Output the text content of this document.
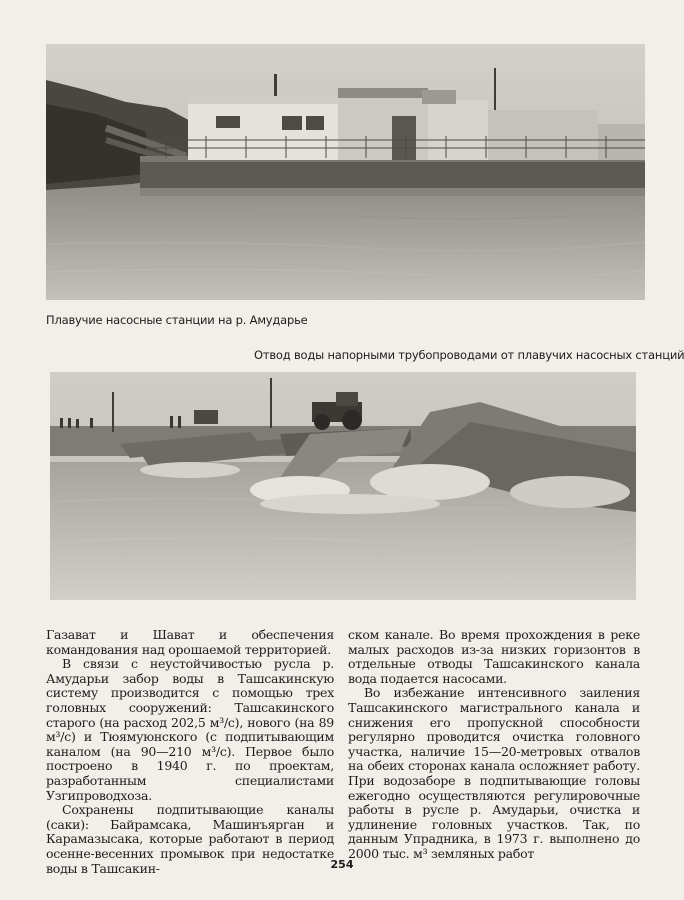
Плавучие насосные станции на р. Амударье
Отвод воды напорными трубопроводами от плавучих насосных станций

Газават и Шават и обеспечения командования над орошаемой территорией.

В связи с неустойчивостью русла р. Амударьи забор воды в Ташсакинскую систему производится с помощью трех головных сооружений: Ташсакинского старого (на расход 202,5 м³/с), нового (на 89 м³/с) и Тюямуюнского (с подпитывающим каналом (на 90—210 м³/с). Первое было построено в 1940 г. по проектам, разработанным специалистами Узгипроводхоза.

Сохранены подпитывающие каналы (саки): Байрамсака, Машинъярган и Карамазысака, которые работают в период осенне-весенних промывок при недостатке воды в Ташсакин-

ском канале. Во время прохождения в реке малых расходов из-за низких горизонтов в отдельные отводы Ташсакинского канала вода подается насосами.

Во избежание интенсивного заиления Ташсакинского магистрального канала и снижения его пропускной способности регулярно проводится очистка головного участка, наличие 15—20-метровых отвалов на обеих сторонах канала осложняет работу. При водозаборе в подпитывающие головы ежегодно осуществляются регулировочные работы в русле р. Амударьи, очистка и удлинение головных участков. Так, по данным Упрадника, в 1973 г. выполнено до 2000 тыс. м³ земляных работ

254
